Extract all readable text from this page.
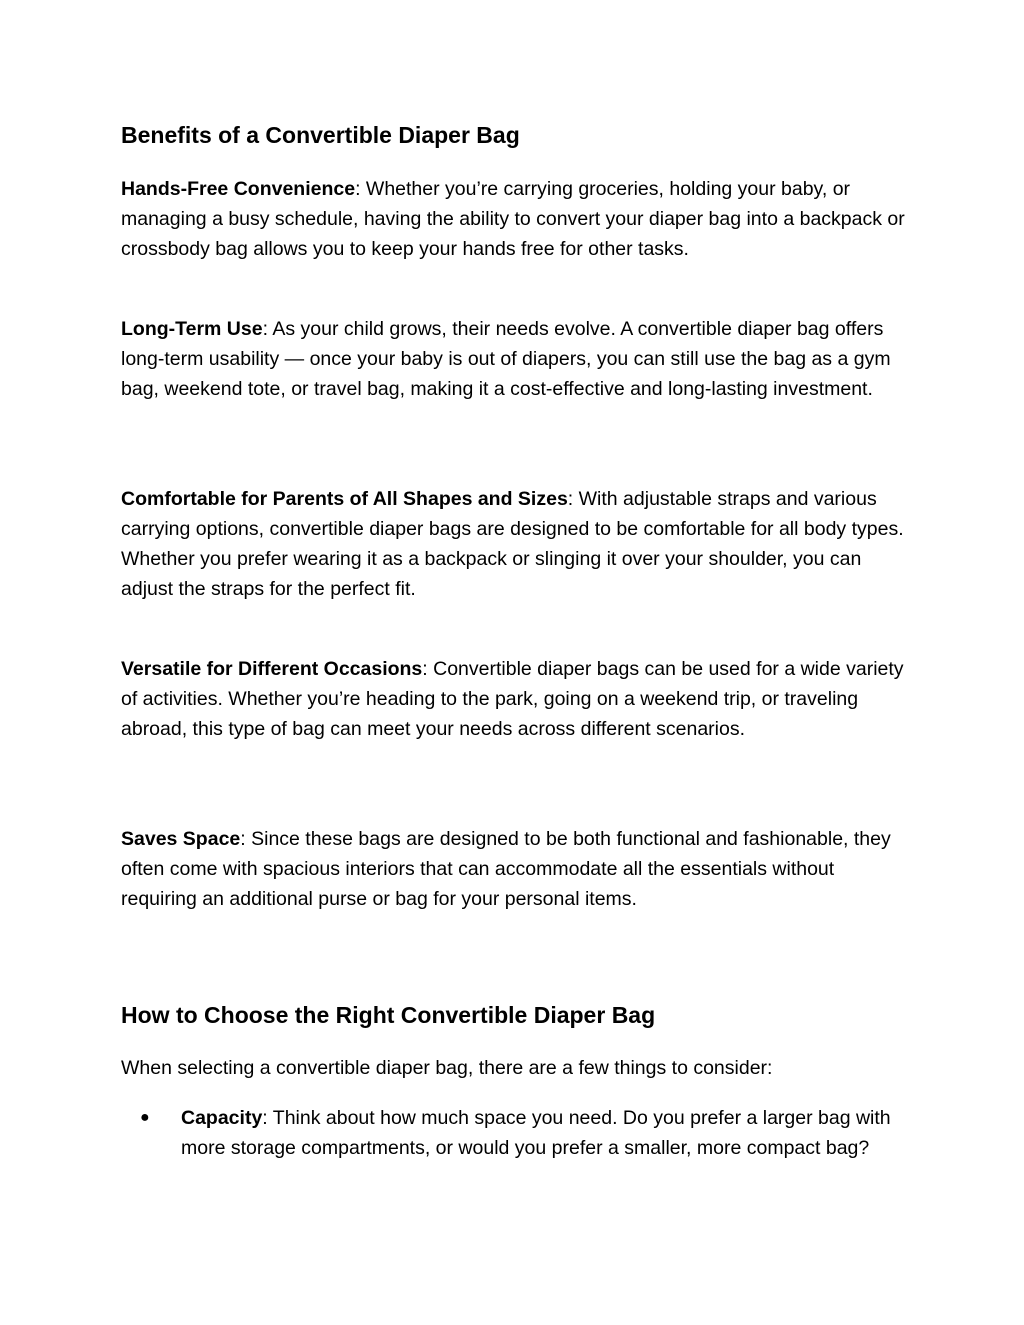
Benefits of a Convertible Diaper Bag

Hands-Free Convenience: Whether you’re carrying groceries, holding your baby, or managing a busy schedule, having the ability to convert your diaper bag into a backpack or crossbody bag allows you to keep your hands free for other tasks.

Long-Term Use: As your child grows, their needs evolve. A convertible diaper bag offers long-term usability — once your baby is out of diapers, you can still use the bag as a gym bag, weekend tote, or travel bag, making it a cost-effective and long-lasting investment.

Comfortable for Parents of All Shapes and Sizes: With adjustable straps and various carrying options, convertible diaper bags are designed to be comfortable for all body types. Whether you prefer wearing it as a backpack or slinging it over your shoulder, you can adjust the straps for the perfect fit.

Versatile for Different Occasions: Convertible diaper bags can be used for a wide variety of activities. Whether you’re heading to the park, going on a weekend trip, or traveling abroad, this type of bag can meet your needs across different scenarios.

Saves Space: Since these bags are designed to be both functional and fashionable, they often come with spacious interiors that can accommodate all the essentials without requiring an additional purse or bag for your personal items.

How to Choose the Right Convertible Diaper Bag

When selecting a convertible diaper bag, there are a few things to consider:

● Capacity: Think about how much space you need. Do you prefer a larger bag with more storage compartments, or would you prefer a smaller, more compact bag?
